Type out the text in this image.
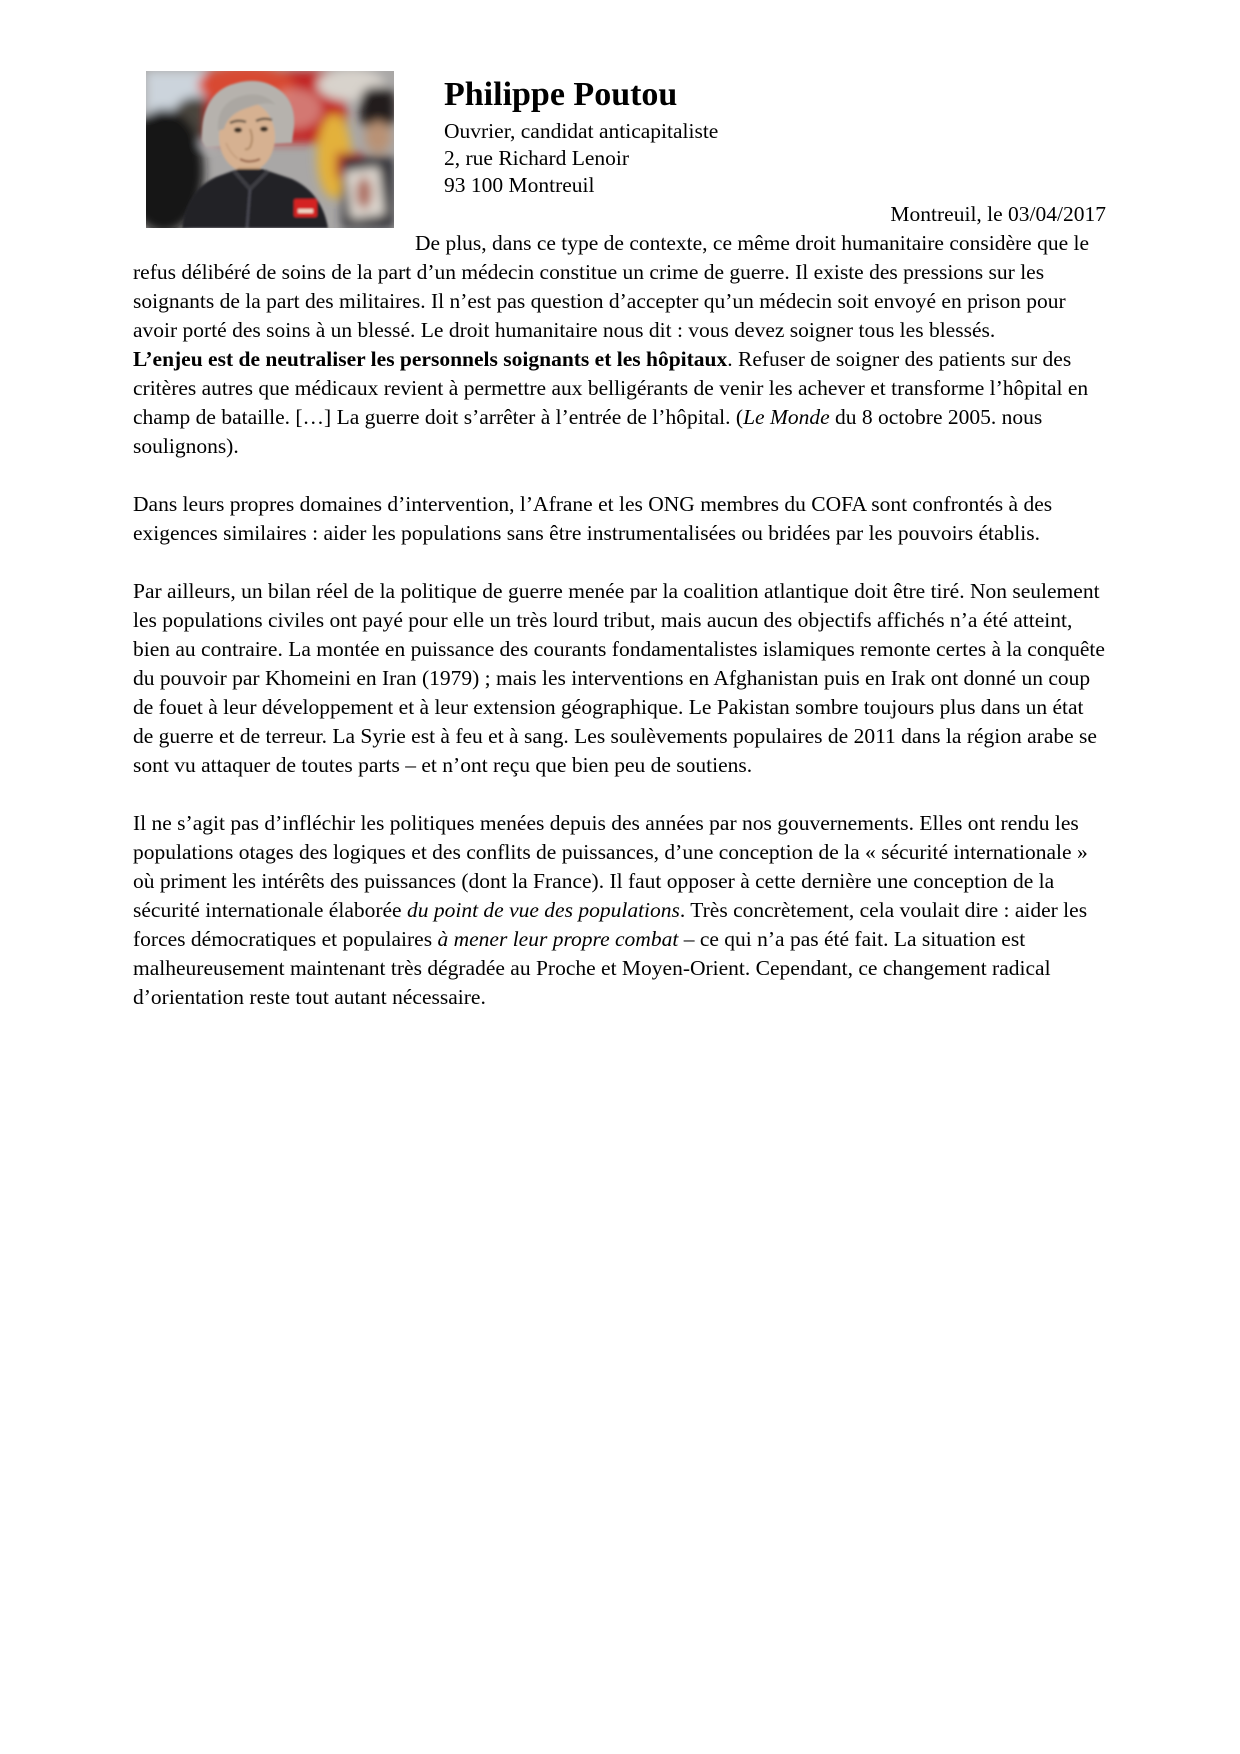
Philippe Poutou
Ouvrier, candidat anticapitaliste
2, rue Richard Lenoir
93 100 Montreuil
Montreuil, le 03/04/2017

De plus, dans ce type de contexte, ce même droit humanitaire considère que le refus délibéré de soins de la part d’un médecin constitue un crime de guerre. Il existe des pressions sur les soignants de la part des militaires. Il n’est pas question d’accepter qu’un médecin soit envoyé en prison pour avoir porté des soins à un blessé. Le droit humanitaire nous dit : vous devez soigner tous les blessés.

L’enjeu est de neutraliser les personnels soignants et les hôpitaux. Refuser de soigner des patients sur des critères autres que médicaux revient à permettre aux belligérants de venir les achever et transforme l’hôpital en champ de bataille. […] La guerre doit s’arrêter à l’entrée de l’hôpital. (Le Monde du 8 octobre 2005. nous soulignons).

Dans leurs propres domaines d’intervention, l’Afrane et les ONG membres du COFA sont confrontés à des exigences similaires : aider les populations sans être instrumentalisées ou bridées par les pouvoirs établis.

Par ailleurs, un bilan réel de la politique de guerre menée par la coalition atlantique doit être tiré. Non seulement les populations civiles ont payé pour elle un très lourd tribut, mais aucun des objectifs affichés n’a été atteint, bien au contraire. La montée en puissance des courants fondamentalistes islamiques remonte certes à la conquête du pouvoir par Khomeini en Iran (1979) ; mais les interventions en Afghanistan puis en Irak ont donné un coup de fouet à leur développement et à leur extension géographique. Le Pakistan sombre toujours plus dans un état de guerre et de terreur. La Syrie est à feu et à sang. Les soulèvements populaires de 2011 dans la région arabe se sont vu attaquer de toutes parts – et n’ont reçu que bien peu de soutiens.

Il ne s’agit pas d’infléchir les politiques menées depuis des années par nos gouvernements. Elles ont rendu les populations otages des logiques et des conflits de puissances, d’une conception de la « sécurité internationale » où priment les intérêts des puissances (dont la France). Il faut opposer à cette dernière une conception de la sécurité internationale élaborée du point de vue des populations. Très concrètement, cela voulait dire : aider les forces démocratiques et populaires à mener leur propre combat – ce qui n’a pas été fait. La situation est malheureusement maintenant très dégradée au Proche et Moyen-Orient. Cependant, ce changement radical d’orientation reste tout autant nécessaire.
